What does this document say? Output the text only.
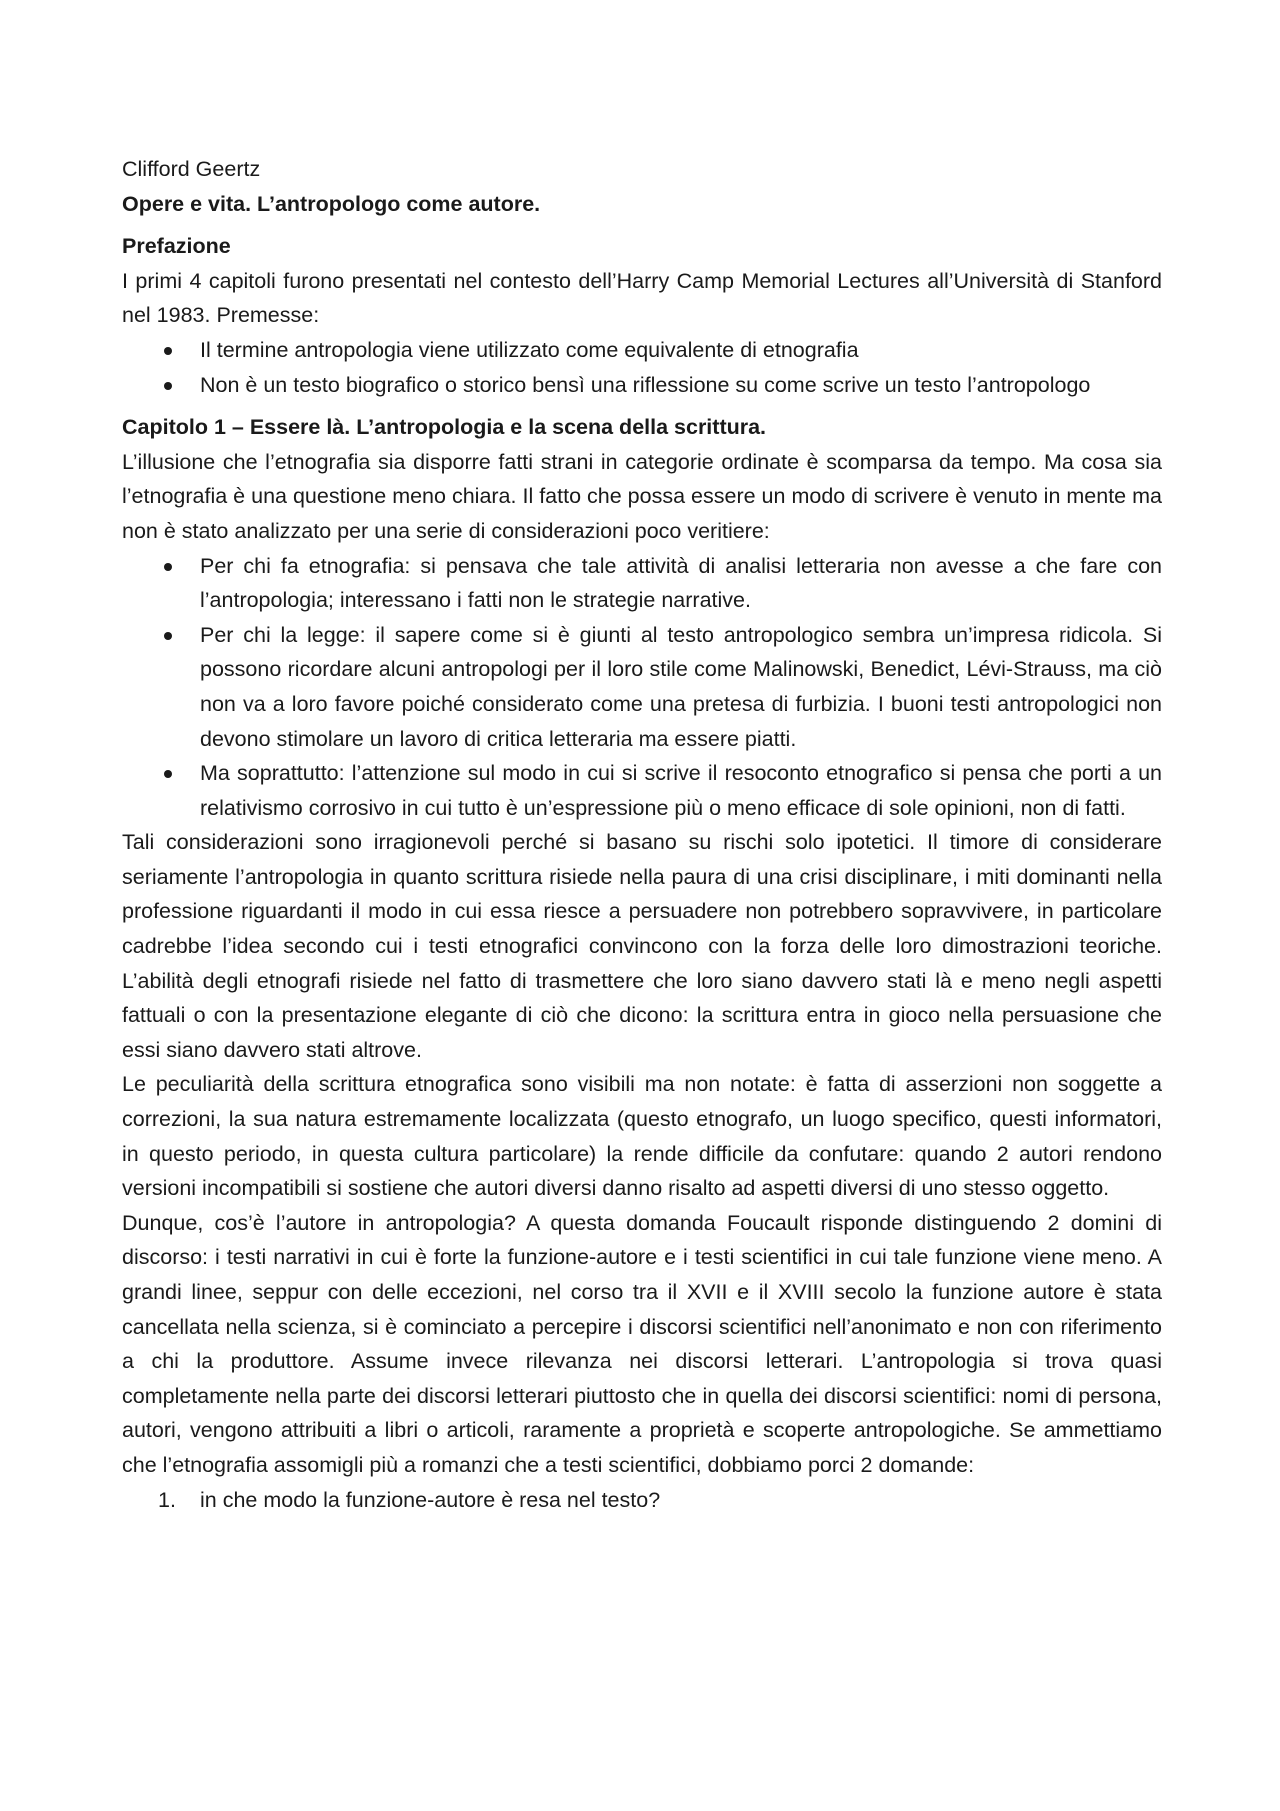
Clifford Geertz

Opere e vita. L’antropologo come autore.

Prefazione

I primi 4 capitoli furono presentati nel contesto dell’Harry Camp Memorial Lectures all’Università di Stanford nel 1983. Premesse:

Il termine antropologia viene utilizzato come equivalente di etnografia
Non è un testo biografico o storico bensì una riflessione su come scrive un testo l’antropologo

Capitolo 1 – Essere là. L’antropologia e la scena della scrittura.

L’illusione che l’etnografia sia disporre fatti strani in categorie ordinate è scomparsa da tempo. Ma cosa sia l’etnografia è una questione meno chiara. Il fatto che possa essere un modo di scrivere è venuto in mente ma non è stato analizzato per una serie di considerazioni poco veritiere:

Per chi fa etnografia: si pensava che tale attività di analisi letteraria non avesse a che fare con l’antropologia; interessano i fatti non le strategie narrative.
Per chi la legge: il sapere come si è giunti al testo antropologico sembra un’impresa ridicola. Si possono ricordare alcuni antropologi per il loro stile come Malinowski, Benedict, Lévi-Strauss, ma ciò non va a loro favore poiché considerato come una pretesa di furbizia. I buoni testi antropologici non devono stimolare un lavoro di critica letteraria ma essere piatti.
Ma soprattutto: l’attenzione sul modo in cui si scrive il resoconto etnografico si pensa che porti a un relativismo corrosivo in cui tutto è un’espressione più o meno efficace di sole opinioni, non di fatti.

Tali considerazioni sono irragionevoli perché si basano su rischi solo ipotetici. Il timore di considerare seriamente l’antropologia in quanto scrittura risiede nella paura di una crisi disciplinare, i miti dominanti nella professione riguardanti il modo in cui essa riesce a persuadere non potrebbero sopravvivere, in particolare cadrebbe l’idea secondo cui i testi etnografici convincono con la forza delle loro dimostrazioni teoriche. L’abilità degli etnografi risiede nel fatto di trasmettere che loro siano davvero stati là e meno negli aspetti fattuali o con la presentazione elegante di ciò che dicono: la scrittura entra in gioco nella persuasione che essi siano davvero stati altrove.

Le peculiarità della scrittura etnografica sono visibili ma non notate: è fatta di asserzioni non soggette a correzioni, la sua natura estremamente localizzata (questo etnografo, un luogo specifico, questi informatori, in questo periodo, in questa cultura particolare) la rende difficile da confutare: quando 2 autori rendono versioni incompatibili si sostiene che autori diversi danno risalto ad aspetti diversi di uno stesso oggetto.

Dunque, cos’è l’autore in antropologia? A questa domanda Foucault risponde distinguendo 2 domini di discorso: i testi narrativi in cui è forte la funzione-autore e i testi scientifici in cui tale funzione viene meno. A grandi linee, seppur con delle eccezioni, nel corso tra il XVII e il XVIII secolo la funzione autore è stata cancellata nella scienza, si è cominciato a percepire i discorsi scientifici nell’anonimato e non con riferimento a chi la produttore. Assume invece rilevanza nei discorsi letterari. L’antropologia si trova quasi completamente nella parte dei discorsi letterari piuttosto che in quella dei discorsi scientifici: nomi di persona, autori, vengono attribuiti a libri o articoli, raramente a proprietà e scoperte antropologiche. Se ammettiamo che l’etnografia assomigli più a romanzi che a testi scientifici, dobbiamo porci 2 domande:

1. in che modo la funzione-autore è resa nel testo?
